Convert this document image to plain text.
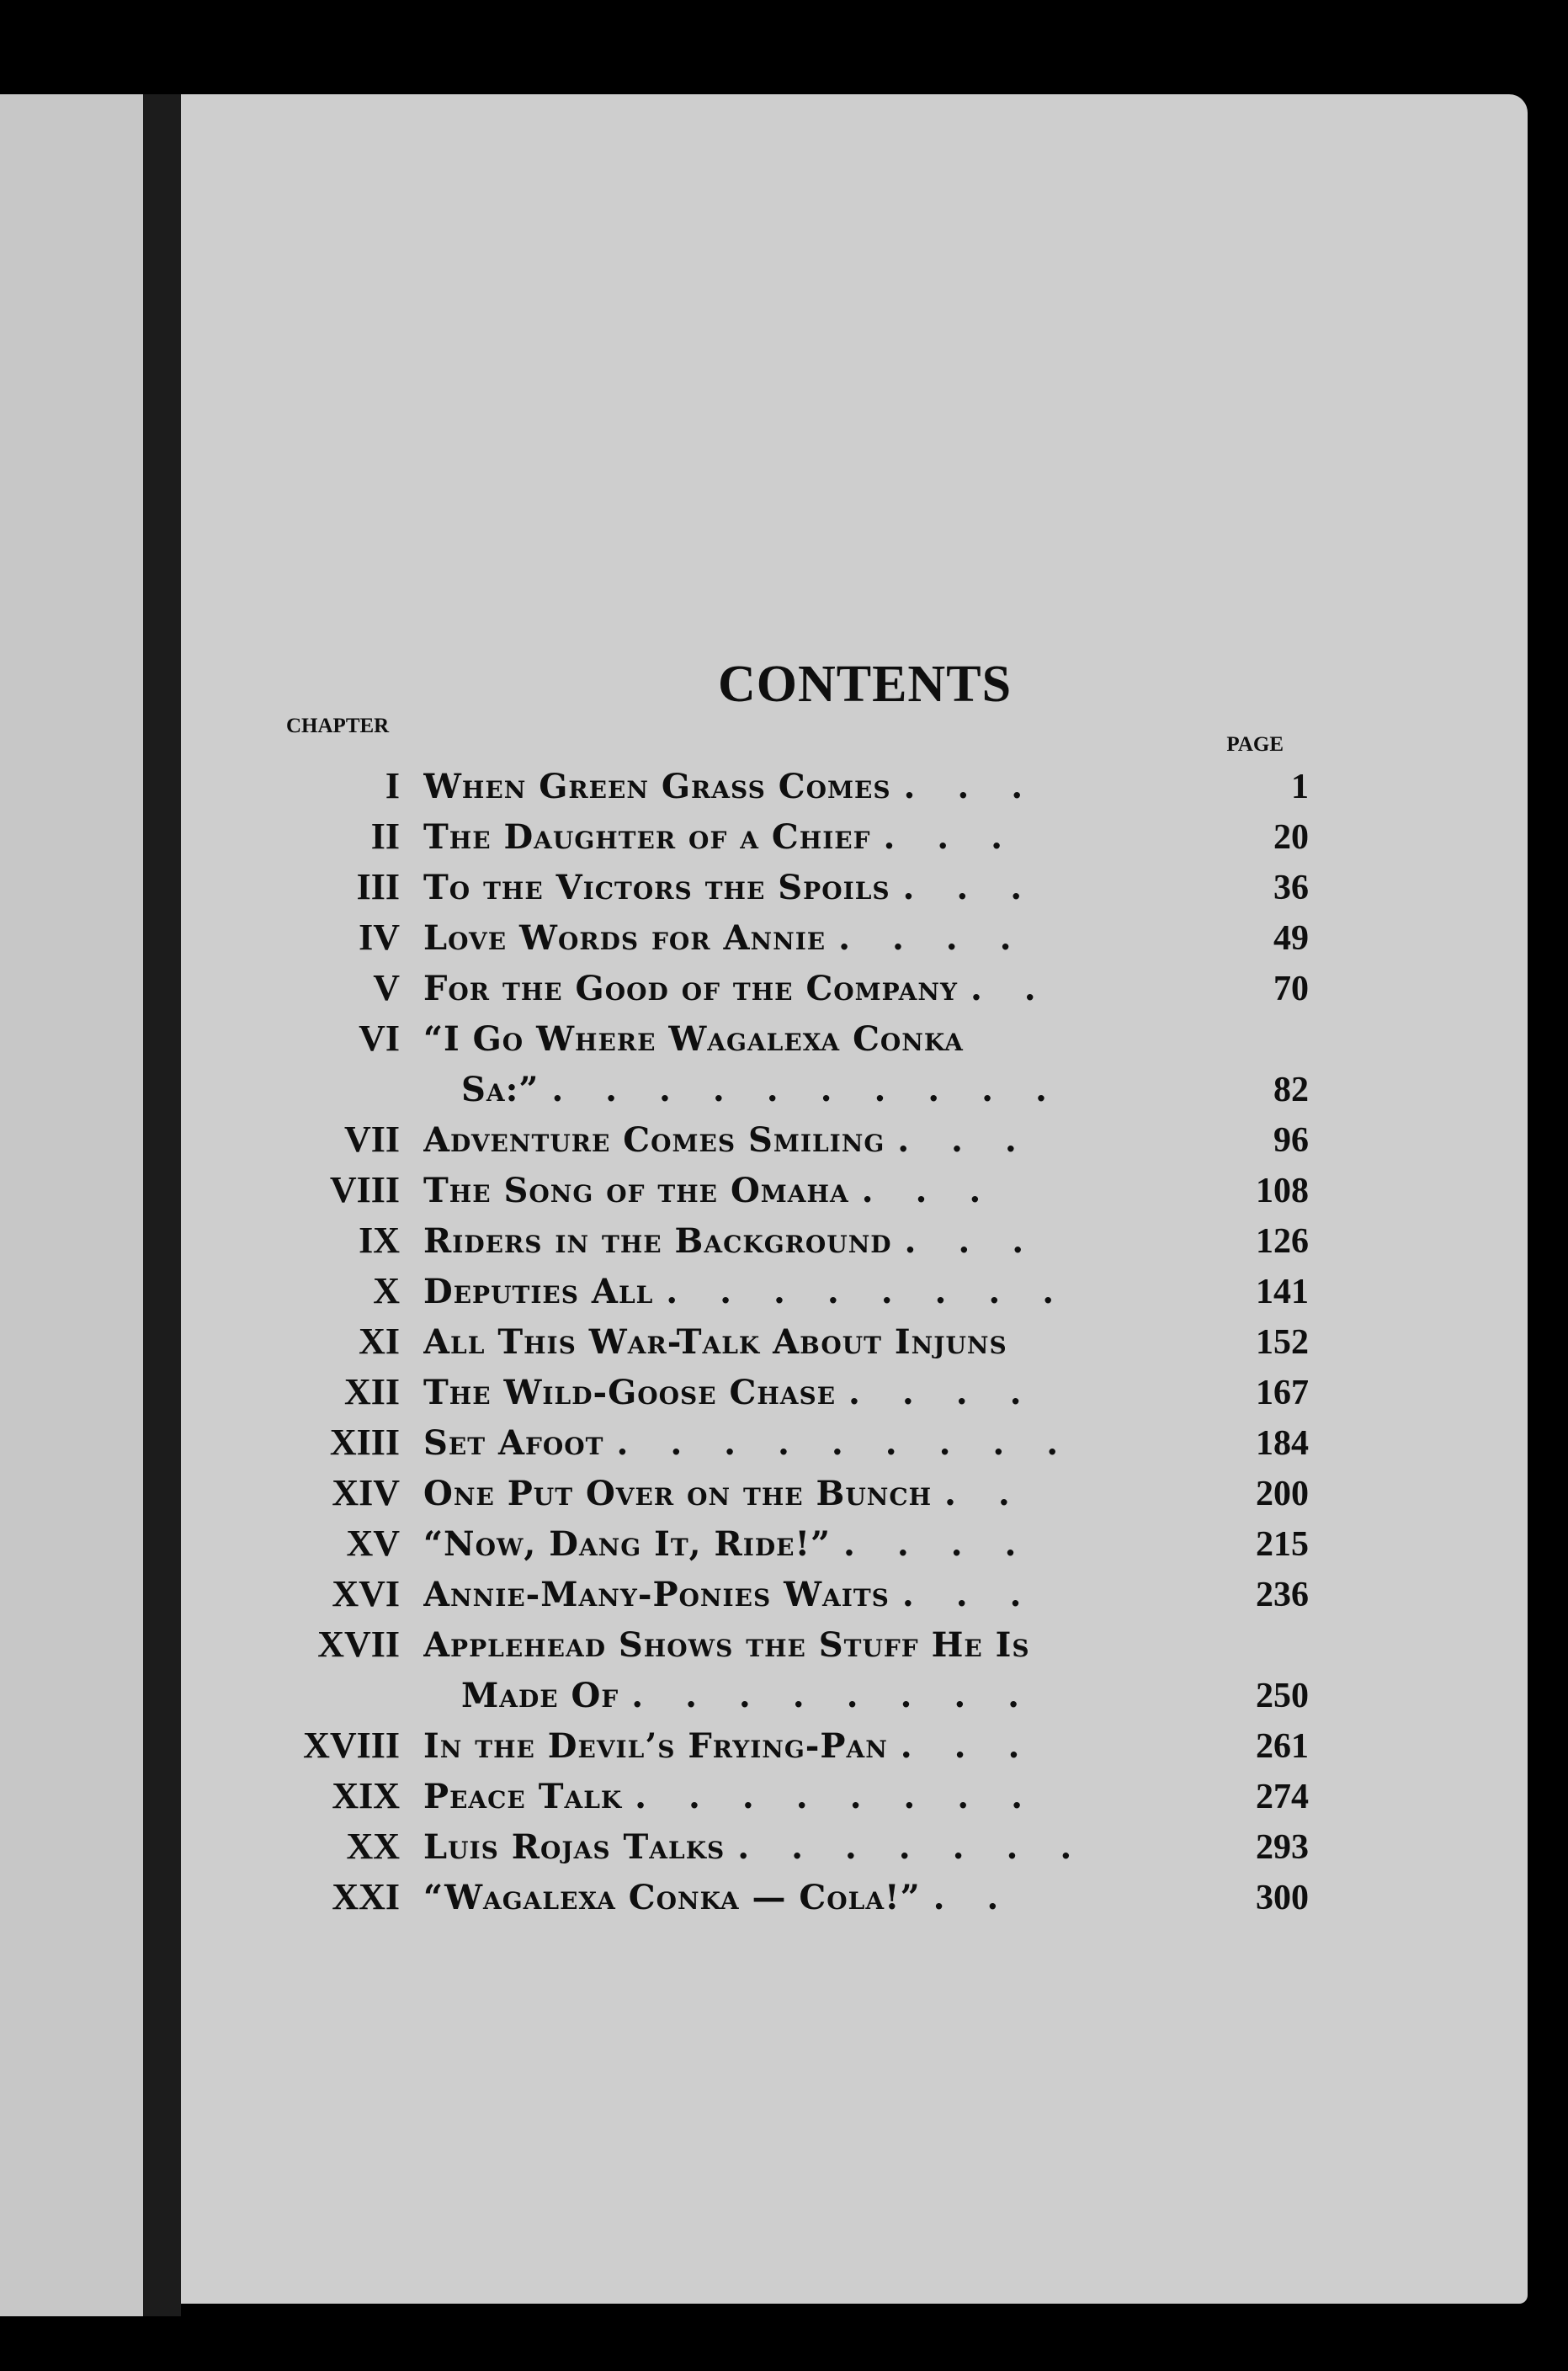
CONTENTS
CHAPTER
PAGE
I When Green Grass Comes . . .	1
II The Daughter of a Chief . . .	20
III To the Victors the Spoils . . .	36
IV Love Words for Annie . . . .	49
V For the Good of the Company . .	70
VI “I Go Where Wagalexa Conka
Sa⁠:” . . . . . . . . . .	82
VII Adventure Comes Smiling . . .	96
VIII The Song of the Omaha . . .	108
IX Riders in the Background . . .	126
X Deputies All . . . . . . . .	141
XI All This War-Talk About Injuns	152
XII The Wild-Goose Chase . . . .	167
XIII Set Afoot . . . . . . . . .	184
XIV One Put Over on the Bunch . .	200
XV “Now, Dang It, Ride!” . . . .	215
XVI Annie-Many-Ponies Waits . . .	236
XVII Applehead Shows the Stuff He Is
Made Of . . . . . . . .	250
XVIII In the Devil’s Frying-Pan . . .	261
XIX Peace Talk . . . . . . . .	274
XX Luis Rojas Talks . . . . . . .	293
XXI “Wagalexa Conka — Cola!” . .	300
